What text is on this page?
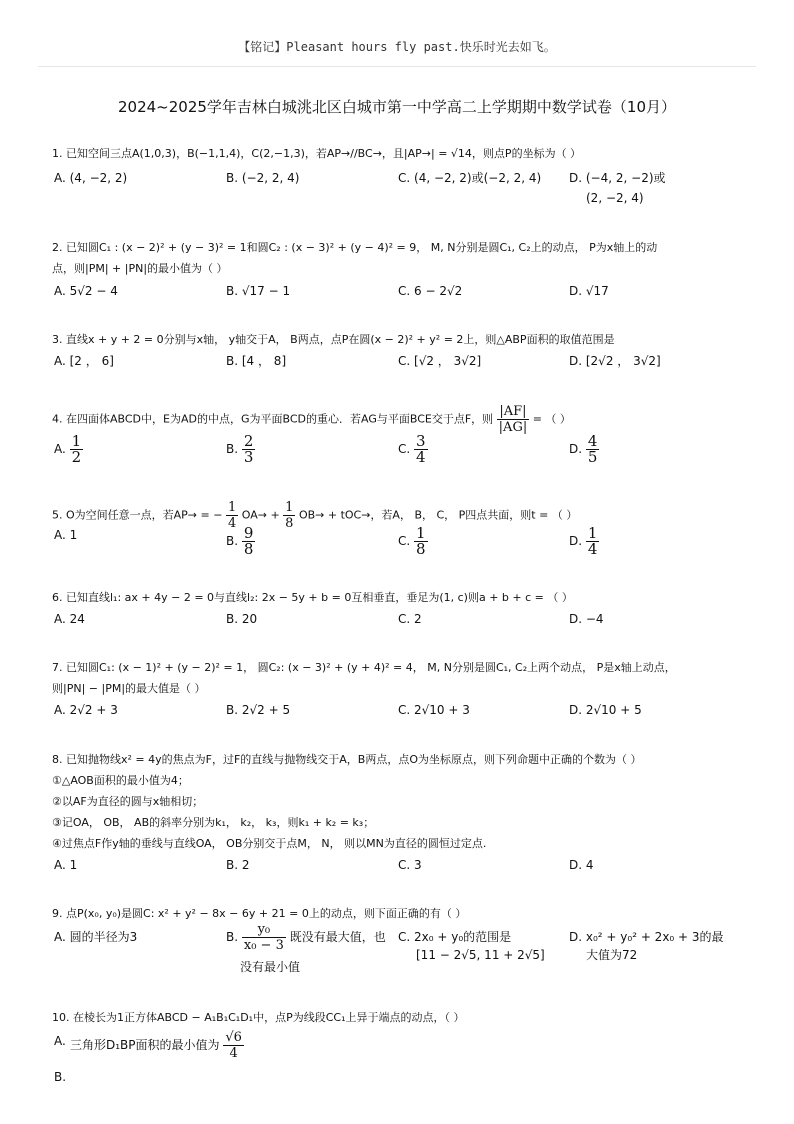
【铭记】Pleasant hours fly past.快乐时光去如飞。
2024~2025学年吉林白城洮北区白城市第一中学高二上学期期中数学试卷（10月）
1. 已知空间三点A(1,0,3)，B(−1,1,4)，C(2,−1,3)，若AP→//BC→，且|AP→| = √14，则点P的坐标为（ ）
A. (4, −2, 2)	B. (−2, 2, 4)	C. (4, −2, 2)或(−2, 2, 4) D. (−4, 2, −2)或
(2, −2, 4)
2. 已知圆C₁ : (x − 2)² + (y − 3)² = 1和圆C₂ : (x − 3)² + (y − 4)² = 9， M, N分别是圆C₁, C₂上的动点， P为x轴上的动
点，则|PM| + |PN|的最小值为（ ）
A. 5√2 − 4	B. √17 − 1	C. 6 − 2√2	D. √17
3. 直线x + y + 2 = 0分别与x轴， y轴交于A， B两点，点P在圆(x − 2)² + y² = 2上，则△ABP面积的取值范围是
A. [2 ， 6]	B. [4 ， 8]	C. [√2 ， 3√2]	D. [2√2 ， 3√2]
4. 在四面体ABCD中，E为AD的中点，G为平面BCD的重心．若AG与平面BCE交于点F，则 $\frac{|AF|}{|AG|}$ = （ ）
A. $\frac{1}{2}$	B. $\frac{2}{3}$	C. $\frac{3}{4}$	D. $\frac{4}{5}$
5. O为空间任意一点，若AP→ = − $\frac{1}{4} OA\to + \frac{1}{8} OB\to + tOC\to$，若A， B， C， P四点共面，则t = （ ）
A. 1	B. $\frac{9}{8}$	C. $\frac{1}{8}$	D. $\frac{1}{4}$
6. 已知直线l₁: ax + 4y − 2 = 0与直线l₂: 2x − 5y + b = 0互相垂直，垂足为(1, c)则a + b + c = （ ）
A. 24	B. 20	C. 2	D. −4
7. 已知圆C₁: (x − 1)² + (y − 2)² = 1， 圆C₂: (x − 3)² + (y + 4)² = 4， M, N分别是圆C₁, C₂上两个动点， P是x轴上动点，
则|PN| − |PM|的最大值是（ ）
A. 2√2 + 3	B. 2√2 + 5	C. 2√10 + 3	D. 2√10 + 5
8. 已知抛物线x² = 4y的焦点为F，过F的直线与抛物线交于A，B两点，点O为坐标原点，则下列命题中正确的个数为（ ）
①△AOB面积的最小值为4；
②以AF为直径的圆与x轴相切；
③记OA， OB， AB的斜率分别为k₁， k₂， k₃，则k₁ + k₂ = k₃；
④过焦点F作y轴的垂线与直线OA， OB分别交于点M， N， 则以MN为直径的圆恒过定点.
A. 1	B. 2	C. 3	D. 4
9. 点P(x₀, y₀)是圆C: x² + y² − 8x − 6y + 21 = 0上的动点，则下面正确的有（ ）
A. 圆的半径为3	B. $\frac{\text{y₀}}{\text{x₀ − 3}}$ 既没有最大值，也
没有最小值
C. 2x₀ + y₀的范围是
[11 − 2√5, 11 + 2√5]
D. x₀² + y₀² + 2x₀ + 3的最
大值为72
10. 在棱长为1正方体ABCD − A₁B₁C₁D₁中，点P为线段CC₁上异于端点的动点，（ ）
A. 三角形D₁BP面积的最小值为 $\frac{√6}{4}$
B.
